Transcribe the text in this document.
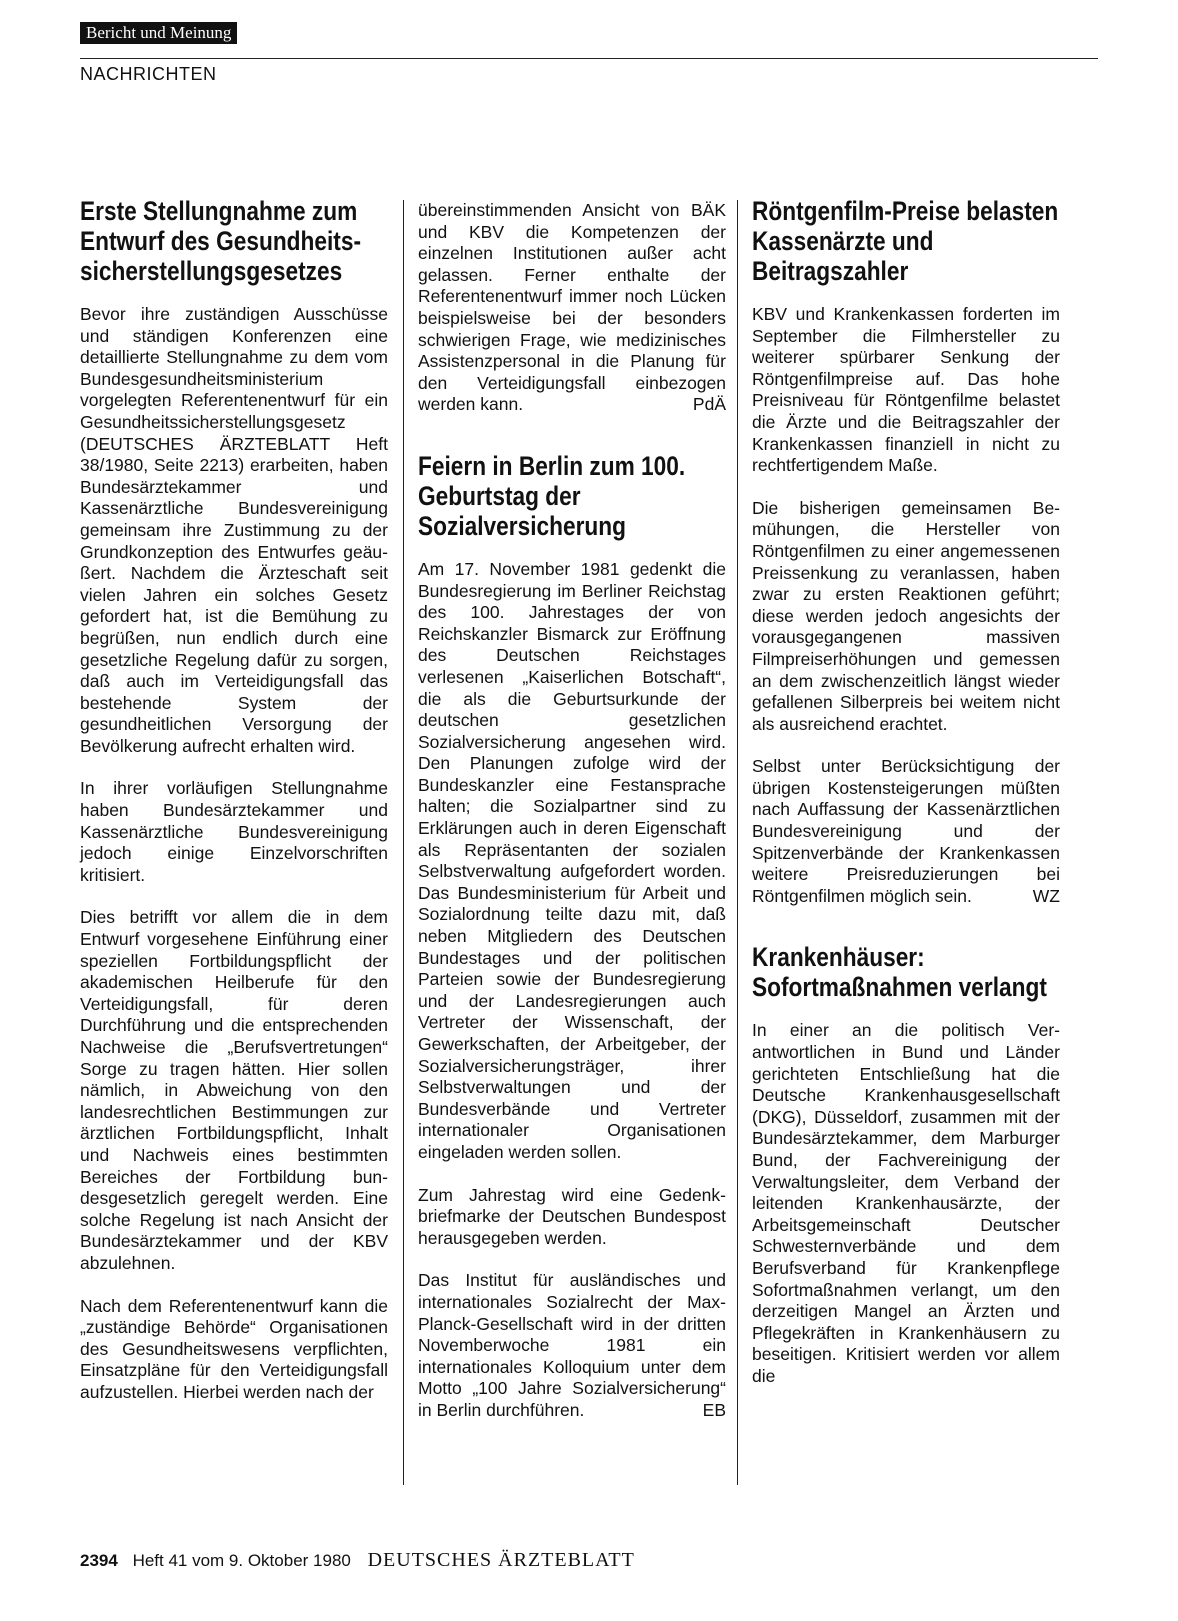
Bericht und Meinung
NACHRICHTEN
Erste Stellungnahme zum Entwurf des Gesundheitssicherstellungsgesetzes

Bevor ihre zuständigen Ausschüsse und ständigen Konferenzen eine detaillierte Stellungnahme zu dem vom Bundesgesundheitsministerium vorgelegten Referentenentwurf für ein Gesundheitssicherstellungsgesetz (DEUTSCHES ÄRZTEBLATT Heft 38/1980, Seite 2213) erarbeiten, haben Bundesärztekammer und Kassenärztliche Bundesvereinigung gemeinsam ihre Zustimmung zu der Grundkonzeption des Entwurfes geäußert. Nachdem die Ärzteschaft seit vielen Jahren ein solches Gesetz gefordert hat, ist die Bemühung zu begrüßen, nun endlich durch eine gesetzliche Regelung dafür zu sorgen, daß auch im Verteidigungsfall das bestehende System der gesundheitlichen Versorgung der Bevölkerung aufrecht erhalten wird.

In ihrer vorläufigen Stellungnahme haben Bundesärztekammer und Kassenärztliche Bundesvereinigung jedoch einige Einzelvorschriften kritisiert.

Dies betrifft vor allem die in dem Entwurf vorgesehene Einführung einer speziellen Fortbildungspflicht der akademischen Heilberufe für den Verteidigungsfall, für deren Durchführung und die entsprechenden Nachweise die „Berufsvertretungen“ Sorge zu tragen hätten. Hier sollen nämlich, in Abweichung von den landesrechtlichen Bestimmungen zur ärztlichen Fortbildungspflicht, Inhalt und Nachweis eines bestimmten Bereiches der Fortbildung bundesgesetzlich geregelt werden. Eine solche Regelung ist nach Ansicht der Bundesärztekammer und der KBV abzulehnen.

Nach dem Referentenentwurf kann die „zuständige Behörde“ Organisationen des Gesundheitswesens verpflichten, Einsatzpläne für den Verteidigungsfall aufzustellen. Hierbei werden nach der

übereinstimmenden Ansicht von BÄK und KBV die Kompetenzen der einzelnen Institutionen außer acht gelassen. Ferner enthalte der Referentenentwurf immer noch Lücken beispielsweise bei der besonders schwierigen Frage, wie medizinisches Assistenzpersonal in die Planung für den Verteidigungsfall einbezogen werden kann.	PdÄ

Feiern in Berlin zum 100. Geburtstag der Sozialversicherung

Am 17. November 1981 gedenkt die Bundesregierung im Berliner Reichstag des 100. Jahrestages der von Reichskanzler Bismarck zur Eröffnung des Deutschen Reichstages verlesenen „Kaiserlichen Botschaft“, die als die Geburtsurkunde der deutschen gesetzlichen Sozialversicherung angesehen wird. Den Planungen zufolge wird der Bundeskanzler eine Festansprache halten; die Sozialpartner sind zu Erklärungen auch in deren Eigenschaft als Repräsentanten der sozialen Selbstverwaltung aufgefordert worden. Das Bundesministerium für Arbeit und Sozialordnung teilte dazu mit, daß neben Mitgliedern des Deutschen Bundestages und der politischen Parteien sowie der Bundesregierung und der Landesregierungen auch Vertreter der Wissenschaft, der Gewerkschaften, der Arbeitgeber, der Sozialversicherungsträger, ihrer Selbstverwaltungen und der Bundesverbände und Vertreter internationaler Organisationen eingeladen werden sollen.

Zum Jahrestag wird eine Gedenkbriefmarke der Deutschen Bundespost herausgegeben werden.

Das Institut für ausländisches und internationales Sozialrecht der Max-Planck-Gesellschaft wird in der dritten Novemberwoche 1981 ein internationales Kolloquium unter dem Motto „100 Jahre Sozialversicherung“ in Berlin durchführen.	EB

Röntgenfilm-Preise belasten Kassenärzte und Beitragszahler

KBV und Krankenkassen forderten im September die Filmhersteller zu weiterer spürbarer Senkung der Röntgenfilmpreise auf. Das hohe Preisniveau für Röntgenfilme belastet die Ärzte und die Beitragszahler der Krankenkassen finanziell in nicht zu rechtfertigendem Maße.

Die bisherigen gemeinsamen Bemühungen, die Hersteller von Röntgenfilmen zu einer angemessenen Preissenkung zu veranlassen, haben zwar zu ersten Reaktionen geführt; diese werden jedoch angesichts der vorausgegangenen massiven Filmpreiserhöhungen und gemessen an dem zwischenzeitlich längst wieder gefallenen Silberpreis bei weitem nicht als ausreichend erachtet.

Selbst unter Berücksichtigung der übrigen Kostensteigerungen müßten nach Auffassung der Kassenärztlichen Bundesvereinigung und der Spitzenverbände der Krankenkassen weitere Preisreduzierungen bei Röntgenfilmen möglich sein.	WZ

Krankenhäuser: Sofortmaßnahmen verlangt

In einer an die politisch Verantwortlichen in Bund und Länder gerichteten Entschließung hat die Deutsche Krankenhausgesellschaft (DKG), Düsseldorf, zusammen mit der Bundesärztekammer, dem Marburger Bund, der Fachvereinigung der Verwaltungsleiter, dem Verband der leitenden Krankenhausärzte, der Arbeitsgemeinschaft Deutscher Schwesternverbände und dem Berufsverband für Krankenpflege Sofortmaßnahmen verlangt, um den derzeitigen Mangel an Ärzten und Pflegekräften in Krankenhäusern zu beseitigen. Kritisiert werden vor allem die

2394 Heft 41 vom 9. Oktober 1980 DEUTSCHES ÄRZTEBLATT
